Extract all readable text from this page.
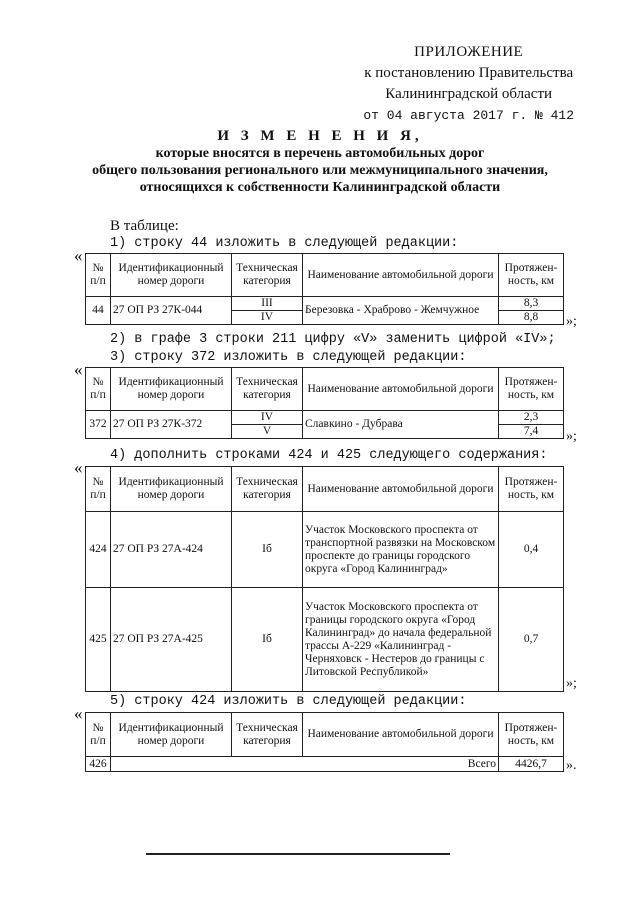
ПРИЛОЖЕНИЕ
к постановлению Правительства
Калининградской области
от 04 августа 2017 г. № 412
И З М Е Н Е Н И Я,
которые вносятся в перечень автомобильных дорог
общего пользования регионального или межмуниципального значения,
относящихся к собственности Калининградской области
В таблице:
1) строку 44 изложить в следующей редакции:
«
№ п/п	Идентификационный номер дороги	Техническая категория	Наименование автомобильной дороги	Протяжен-ность, км
44	27 ОП РЗ 27К-044	III	Березовка - Храброво - Жемчужное	8,3
		IV		8,8 »;
2) в графе 3 строки 211 цифру «V» заменить цифрой «IV»;
3) строку 372 изложить в следующей редакции:
«
№ п/п	Идентификационный номер дороги	Техническая категория	Наименование автомобильной дороги	Протяжен-ность, км
372	27 ОП РЗ 27К-372	IV	Славкино - Дубрава	2,3
		V		7,4 »;
4) дополнить строками 424 и 425 следующего содержания:
«
№ п/п	Идентификационный номер дороги	Техническая категория	Наименование автомобильной дороги	Протяжен-ность, км
424	27 ОП РЗ 27А-424	Iб	Участок Московского проспекта от транспортной развязки на Московском проспекте до границы городского округа «Город Калининград»	0,4
425	27 ОП РЗ 27А-425	Iб	Участок Московского проспекта от границы городского округа «Город Калининград» до начала федеральной трассы А-229 «Калининград - Черняховск - Нестеров до границы с Литовской Республикой»	0,7
»;
5) строку 424 изложить в следующей редакции:
«
№ п/п	Идентификационный номер дороги	Техническая категория	Наименование автомобильной дороги	Протяжен-ность, км
426	Всего			4426,7 ».
